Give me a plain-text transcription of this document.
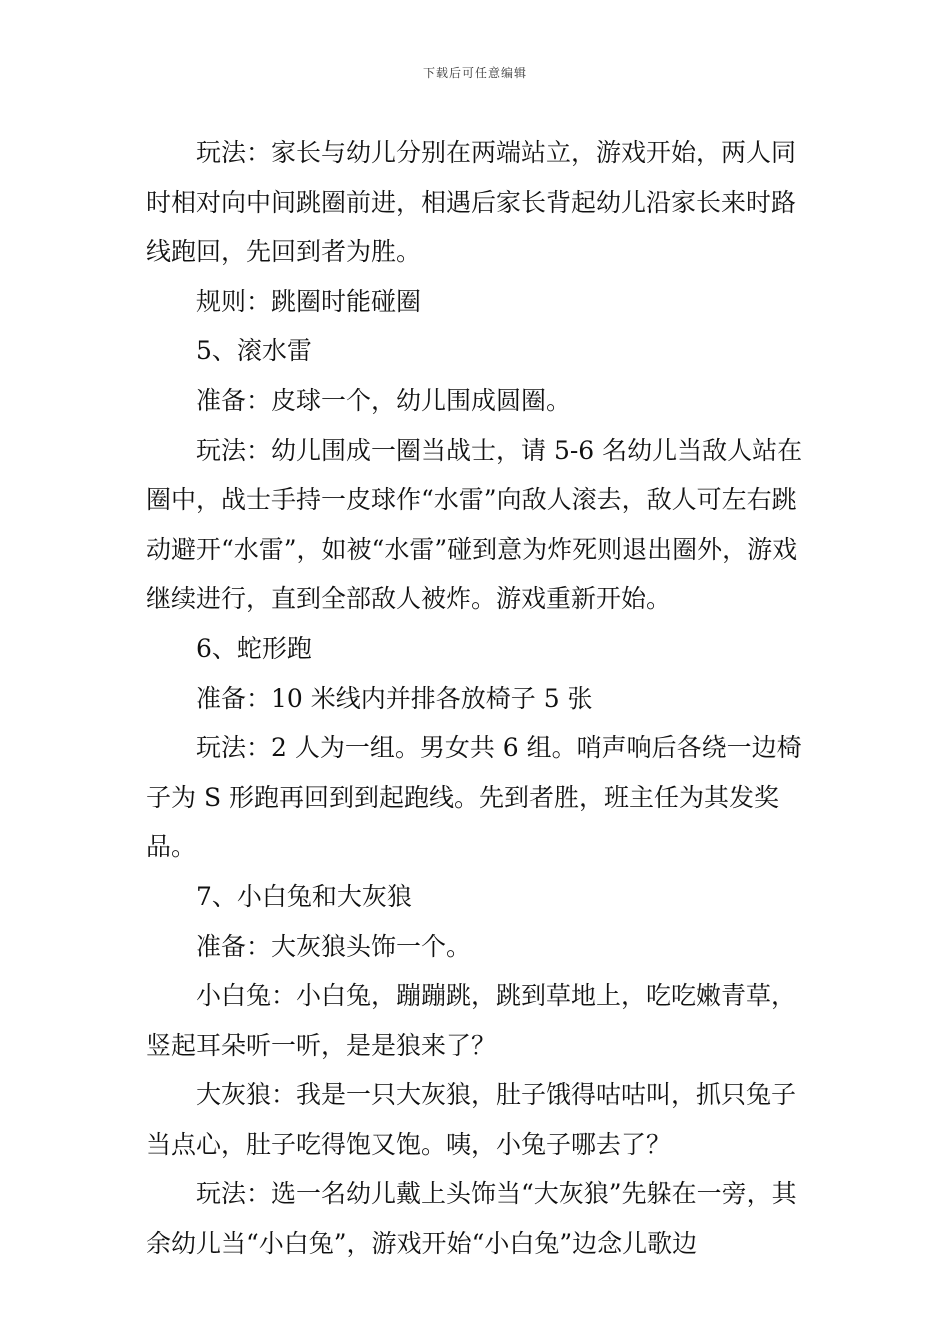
下载后可任意编辑

玩法：家长与幼儿分别在两端站立，游戏开始，两人同时相对向中间跳圈前进，相遇后家长背起幼儿沿家长来时路线跑回，先回到者为胜。

规则：跳圈时能碰圈

5、滚水雷

准备：皮球一个，幼儿围成圆圈。

玩法：幼儿围成一圈当战士，请 5-6 名幼儿当敌人站在圈中，战士手持一皮球作“水雷”向敌人滚去，敌人可左右跳动避开“水雷”，如被“水雷”碰到意为炸死则退出圈外，游戏继续进行，直到全部敌人被炸。游戏重新开始。

6、蛇形跑

准备：10 米线内并排各放椅子 5 张

玩法：2 人为一组。男女共 6 组。哨声响后各绕一边椅子为 S 形跑再回到到起跑线。先到者胜，班主任为其发奖品。

7、小白兔和大灰狼

准备：大灰狼头饰一个。

小白兔：小白兔，蹦蹦跳，跳到草地上，吃吃嫩青草，竖起耳朵听一听，是是狼来了？

大灰狼：我是一只大灰狼，肚子饿得咕咕叫，抓只兔子当点心，肚子吃得饱又饱。咦，小兔子哪去了？

玩法：选一名幼儿戴上头饰当“大灰狼”先躲在一旁，其余幼儿当“小白兔”，游戏开始“小白兔”边念儿歌边
